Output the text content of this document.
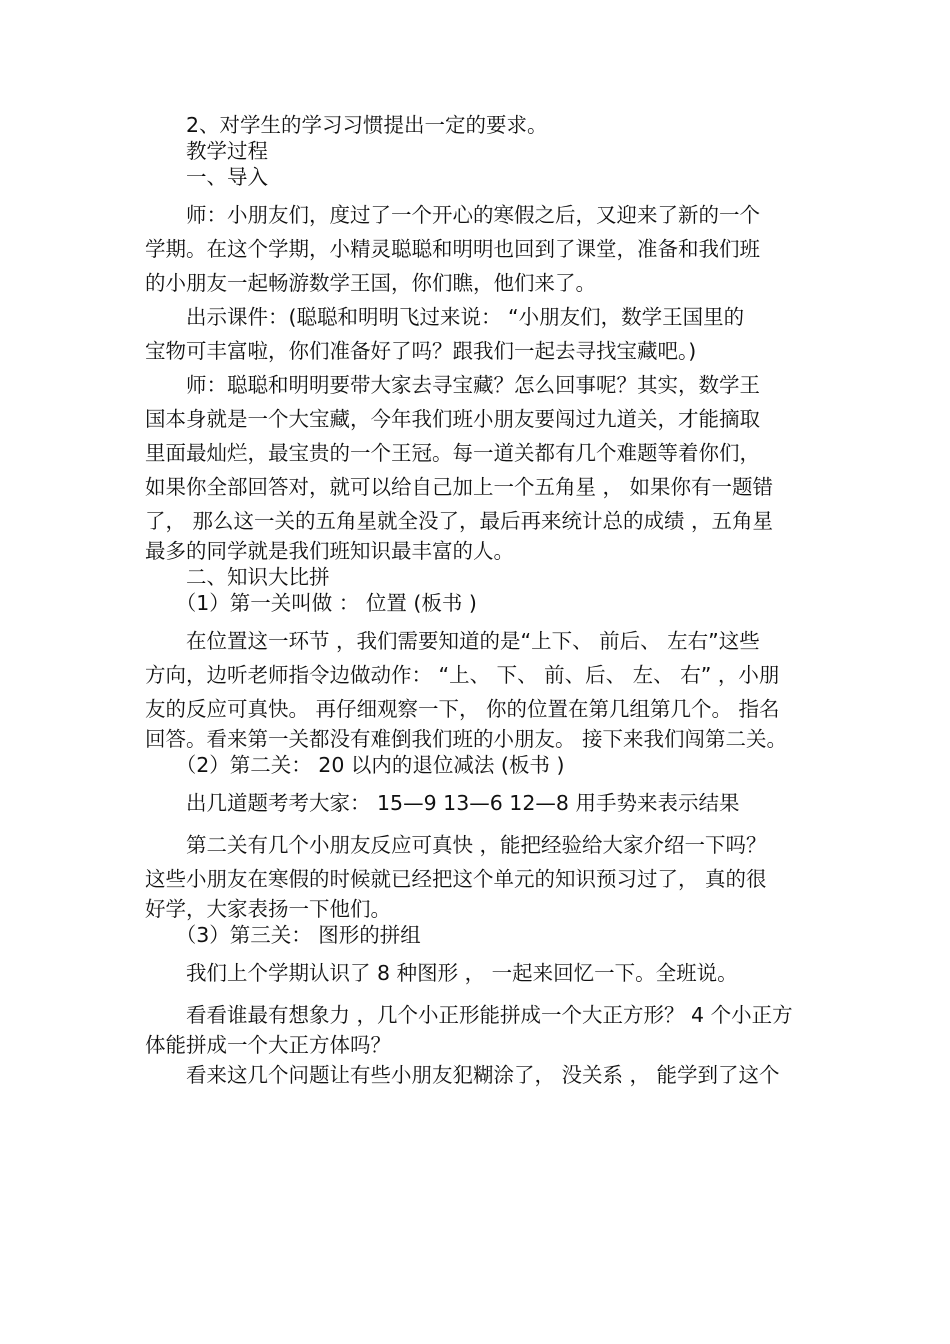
　　2、对学生的学习习惯提出一定的要求。
　　教学过程
　　一、导入
　　师：小朋友们，度过了一个开心的寒假之后，又迎来了新的一个
学期。在这个学期，小精灵聪聪和明明也回到了课堂，准备和我们班
的小朋友一起畅游数学王国，你们瞧，他们来了。
　　出示课件：(聪聪和明明飞过来说： “小朋友们，数学王国里的
宝物可丰富啦，你们准备好了吗？跟我们一起去寻找宝藏吧。)
　　师：聪聪和明明要带大家去寻宝藏？怎么回事呢？其实，数学王
国本身就是一个大宝藏，今年我们班小朋友要闯过九道关，才能摘取
里面最灿烂，最宝贵的一个王冠。每一道关都有几个难题等着你们，
如果你全部回答对，就可以给自己加上一个五角星 ， 如果你有一题错
了， 那么这一关的五角星就全没了，最后再来统计总的成绩 ，五角星
最多的同学就是我们班知识最丰富的人。
　　二、知识大比拼
　　（1）第一关叫做 ： 位置 (板书 )
　　在位置这一环节 ，我们需要知道的是“上下、 前后、 左右”这些
方向，边听老师指令边做动作： “上、 下、 前、后、 左、 右” ，小朋
友的反应可真快。 再仔细观察一下， 你的位置在第几组第几个。 指名
回答。看来第一关都没有难倒我们班的小朋友。 接下来我们闯第二关。
　　（2）第二关： 20 以内的退位减法 (板书 )
　　出几道题考考大家： 15—9 13—6 12—8 用手势来表示结果
　　第二关有几个小朋友反应可真快 ，能把经验给大家介绍一下吗？
这些小朋友在寒假的时候就已经把这个单元的知识预习过了， 真的很
好学，大家表扬一下他们。
　　（3）第三关： 图形的拼组
　　我们上个学期认识了 8 种图形 ， 一起来回忆一下。全班说。
　　看看谁最有想象力 ，几个小正形能拼成一个大正方形？ 4 个小正方
体能拼成一个大正方体吗？
　　看来这几个问题让有些小朋友犯糊涂了， 没关系 ， 能学到了这个
